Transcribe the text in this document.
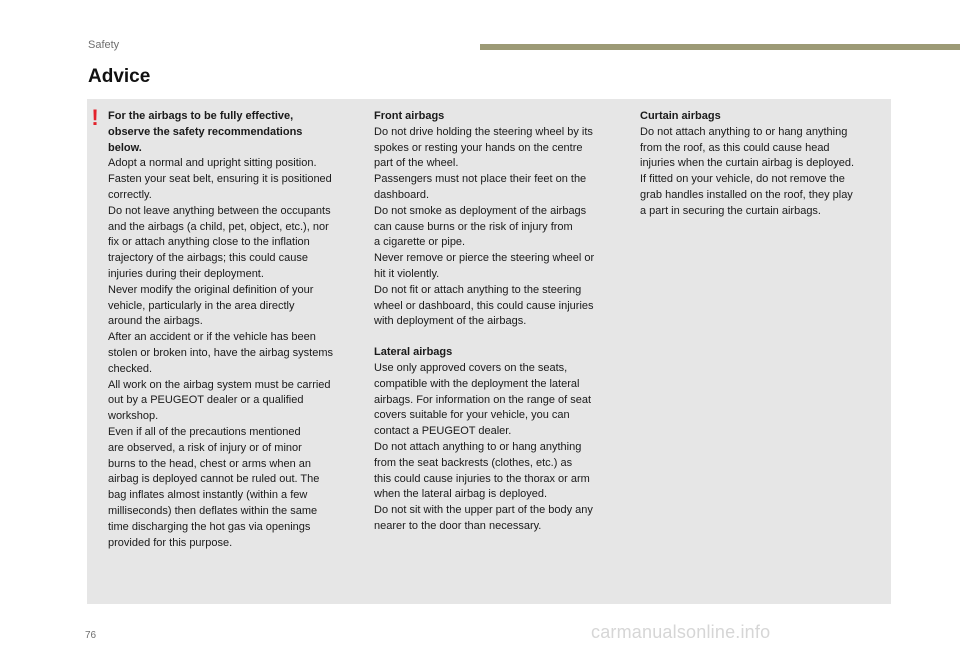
Safety
Advice
! For the airbags to be fully effective,
observe the safety recommendations
below.
Adopt a normal and upright sitting position.
Fasten your seat belt, ensuring it is positioned
correctly.
Do not leave anything between the occupants
and the airbags (a child, pet, object, etc.), nor
fix or attach anything close to the inflation
trajectory of the airbags; this could cause
injuries during their deployment.
Never modify the original definition of your
vehicle, particularly in the area directly
around the airbags.
After an accident or if the vehicle has been
stolen or broken into, have the airbag systems
checked.
All work on the airbag system must be carried
out by a PEUGEOT dealer or a qualified
workshop.
Even if all of the precautions mentioned
are observed, a risk of injury or of minor
burns to the head, chest or arms when an
airbag is deployed cannot be ruled out. The
bag inflates almost instantly (within a few
milliseconds) then deflates within the same
time discharging the hot gas via openings
provided for this purpose.
Front airbags
Do not drive holding the steering wheel by its
spokes or resting your hands on the centre
part of the wheel.
Passengers must not place their feet on the
dashboard.
Do not smoke as deployment of the airbags
can cause burns or the risk of injury from
a cigarette or pipe.
Never remove or pierce the steering wheel or
hit it violently.
Do not fit or attach anything to the steering
wheel or dashboard, this could cause injuries
with deployment of the airbags.
Lateral airbags
Use only approved covers on the seats,
compatible with the deployment the lateral
airbags. For information on the range of seat
covers suitable for your vehicle, you can
contact a PEUGEOT dealer.
Do not attach anything to or hang anything
from the seat backrests (clothes, etc.) as
this could cause injuries to the thorax or arm
when the lateral airbag is deployed.
Do not sit with the upper part of the body any
nearer to the door than necessary.
Curtain airbags
Do not attach anything to or hang anything
from the roof, as this could cause head
injuries when the curtain airbag is deployed.
If fitted on your vehicle, do not remove the
grab handles installed on the roof, they play
a part in securing the curtain airbags.
76	carmanualsonline.info
